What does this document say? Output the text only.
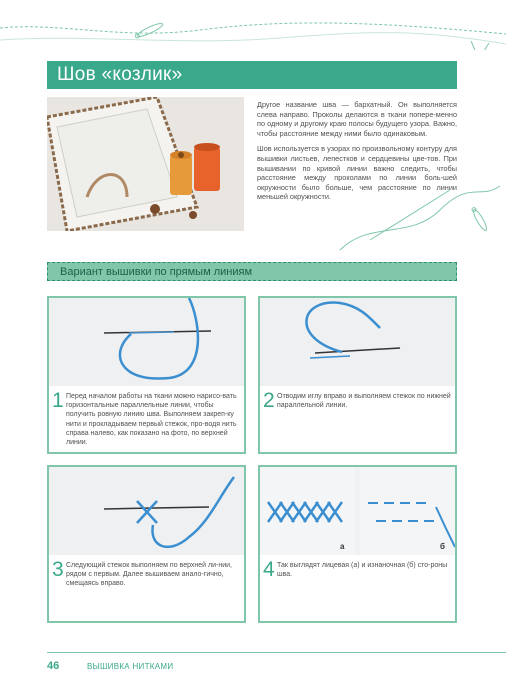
Шов «козлик»

Другое название шва — бархатный. Он выполняется слева направо. Проколы делаются в ткани попере-менно по одному и другому краю полосы будущего узора. Важно, чтобы расстояние между ними было одинаковым.

Шов используется в узорах по произвольному контуру для вышивки листьев, лепестков и сердцевины цве-тов. При вышивании по кривой линии важно следить, чтобы расстояние между проколами по линии боль-шей окружности было больше, чем расстояние по линии меньшей окружности.

Вариант вышивки по прямым линиям
1 Перед началом работы на ткани можно нарисо-вать горизонтальные параллельные линии, чтобы получить ровную линию шва. Выполняем закреп-ку нити и прокладываем первый стежок, про-водя нить справа налево, как показано на фото, по верхней линии.
2 Отводим иглу вправо и выполняем стежок по нижней параллельной линии.
3 Следующий стежок выполняем по верхней ли-нии, рядом с первым. Далее вышиваем анало-гично, смещаясь вправо.
а	б
4 Так выглядят лицевая (а) и изнаночная (б) сто-роны шва.
46	ВЫШИВКА НИТКАМИ
